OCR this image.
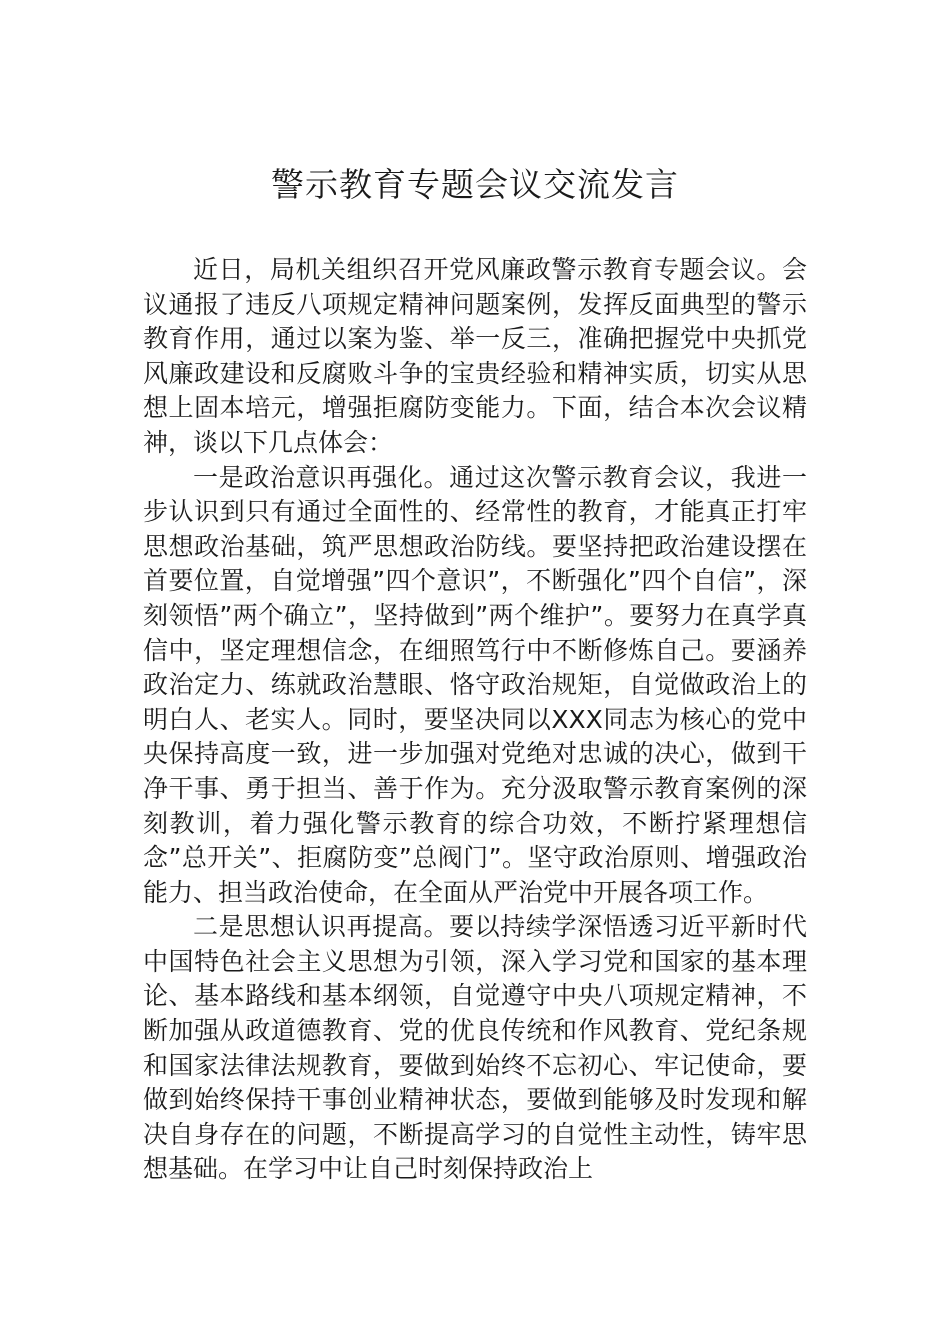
警示教育专题会议交流发言

近日，局机关组织召开党风廉政警示教育专题会议。会议通报了违反八项规定精神问题案例，发挥反面典型的警示教育作用，通过以案为鉴、举一反三，准确把握党中央抓党风廉政建设和反腐败斗争的宝贵经验和精神实质，切实从思想上固本培元，增强拒腐防变能力。下面，结合本次会议精神，谈以下几点体会：

一是政治意识再强化。通过这次警示教育会议，我进一步认识到只有通过全面性的、经常性的教育，才能真正打牢思想政治基础，筑严思想政治防线。要坚持把政治建设摆在首要位置，自觉增强”四个意识”，不断强化”四个自信”，深刻领悟”两个确立”，坚持做到”两个维护”。要努力在真学真信中，坚定理想信念，在细照笃行中不断修炼自己。要涵养政治定力、练就政治慧眼、恪守政治规矩，自觉做政治上的明白人、老实人。同时，要坚决同以XXX同志为核心的党中央保持高度一致，进一步加强对党绝对忠诚的决心，做到干净干事、勇于担当、善于作为。充分汲取警示教育案例的深刻教训，着力强化警示教育的综合功效，不断拧紧理想信念”总开关”、拒腐防变”总阀门”。坚守政治原则、增强政治能力、担当政治使命，在全面从严治党中开展各项工作。

二是思想认识再提高。要以持续学深悟透习近平新时代中国特色社会主义思想为引领，深入学习党和国家的基本理论、基本路线和基本纲领，自觉遵守中央八项规定精神，不断加强从政道德教育、党的优良传统和作风教育、党纪条规和国家法律法规教育，要做到始终不忘初心、牢记使命，要做到始终保持干事创业精神状态，要做到能够及时发现和解决自身存在的问题，不断提高学习的自觉性主动性，铸牢思想基础。在学习中让自己时刻保持政治上
